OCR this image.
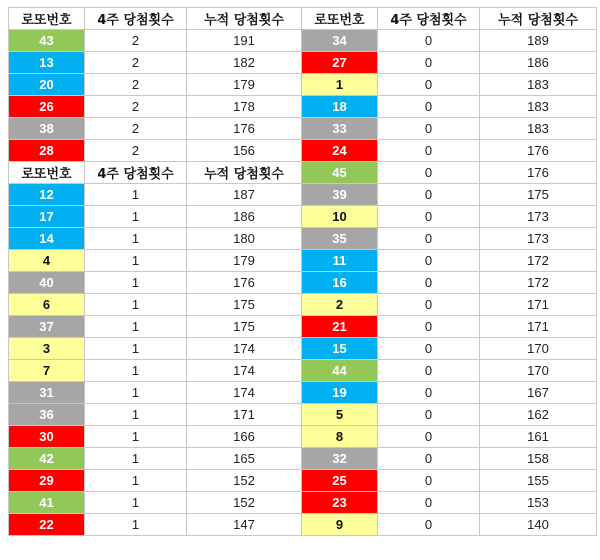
로또번호	4주 당첨횟수	누적 당첨횟수	로또번호	4주 당첨횟수	누적 당첨횟수
43	2	191	34	0	189
13	2	182	27	0	186
20	2	179	1	0	183
26	2	178	18	0	183
38	2	176	33	0	183
28	2	156	24	0	176
로또번호	4주 당첨횟수	누적 당첨횟수	45	0	176
12	1	187	39	0	175
17	1	186	10	0	173
14	1	180	35	0	173
4	1	179	11	0	172
40	1	176	16	0	172
6	1	175	2	0	171
37	1	175	21	0	171
3	1	174	15	0	170
7	1	174	44	0	170
31	1	174	19	0	167
36	1	171	5	0	162
30	1	166	8	0	161
42	1	165	32	0	158
29	1	152	25	0	155
41	1	152	23	0	153
22	1	147	9	0	140
